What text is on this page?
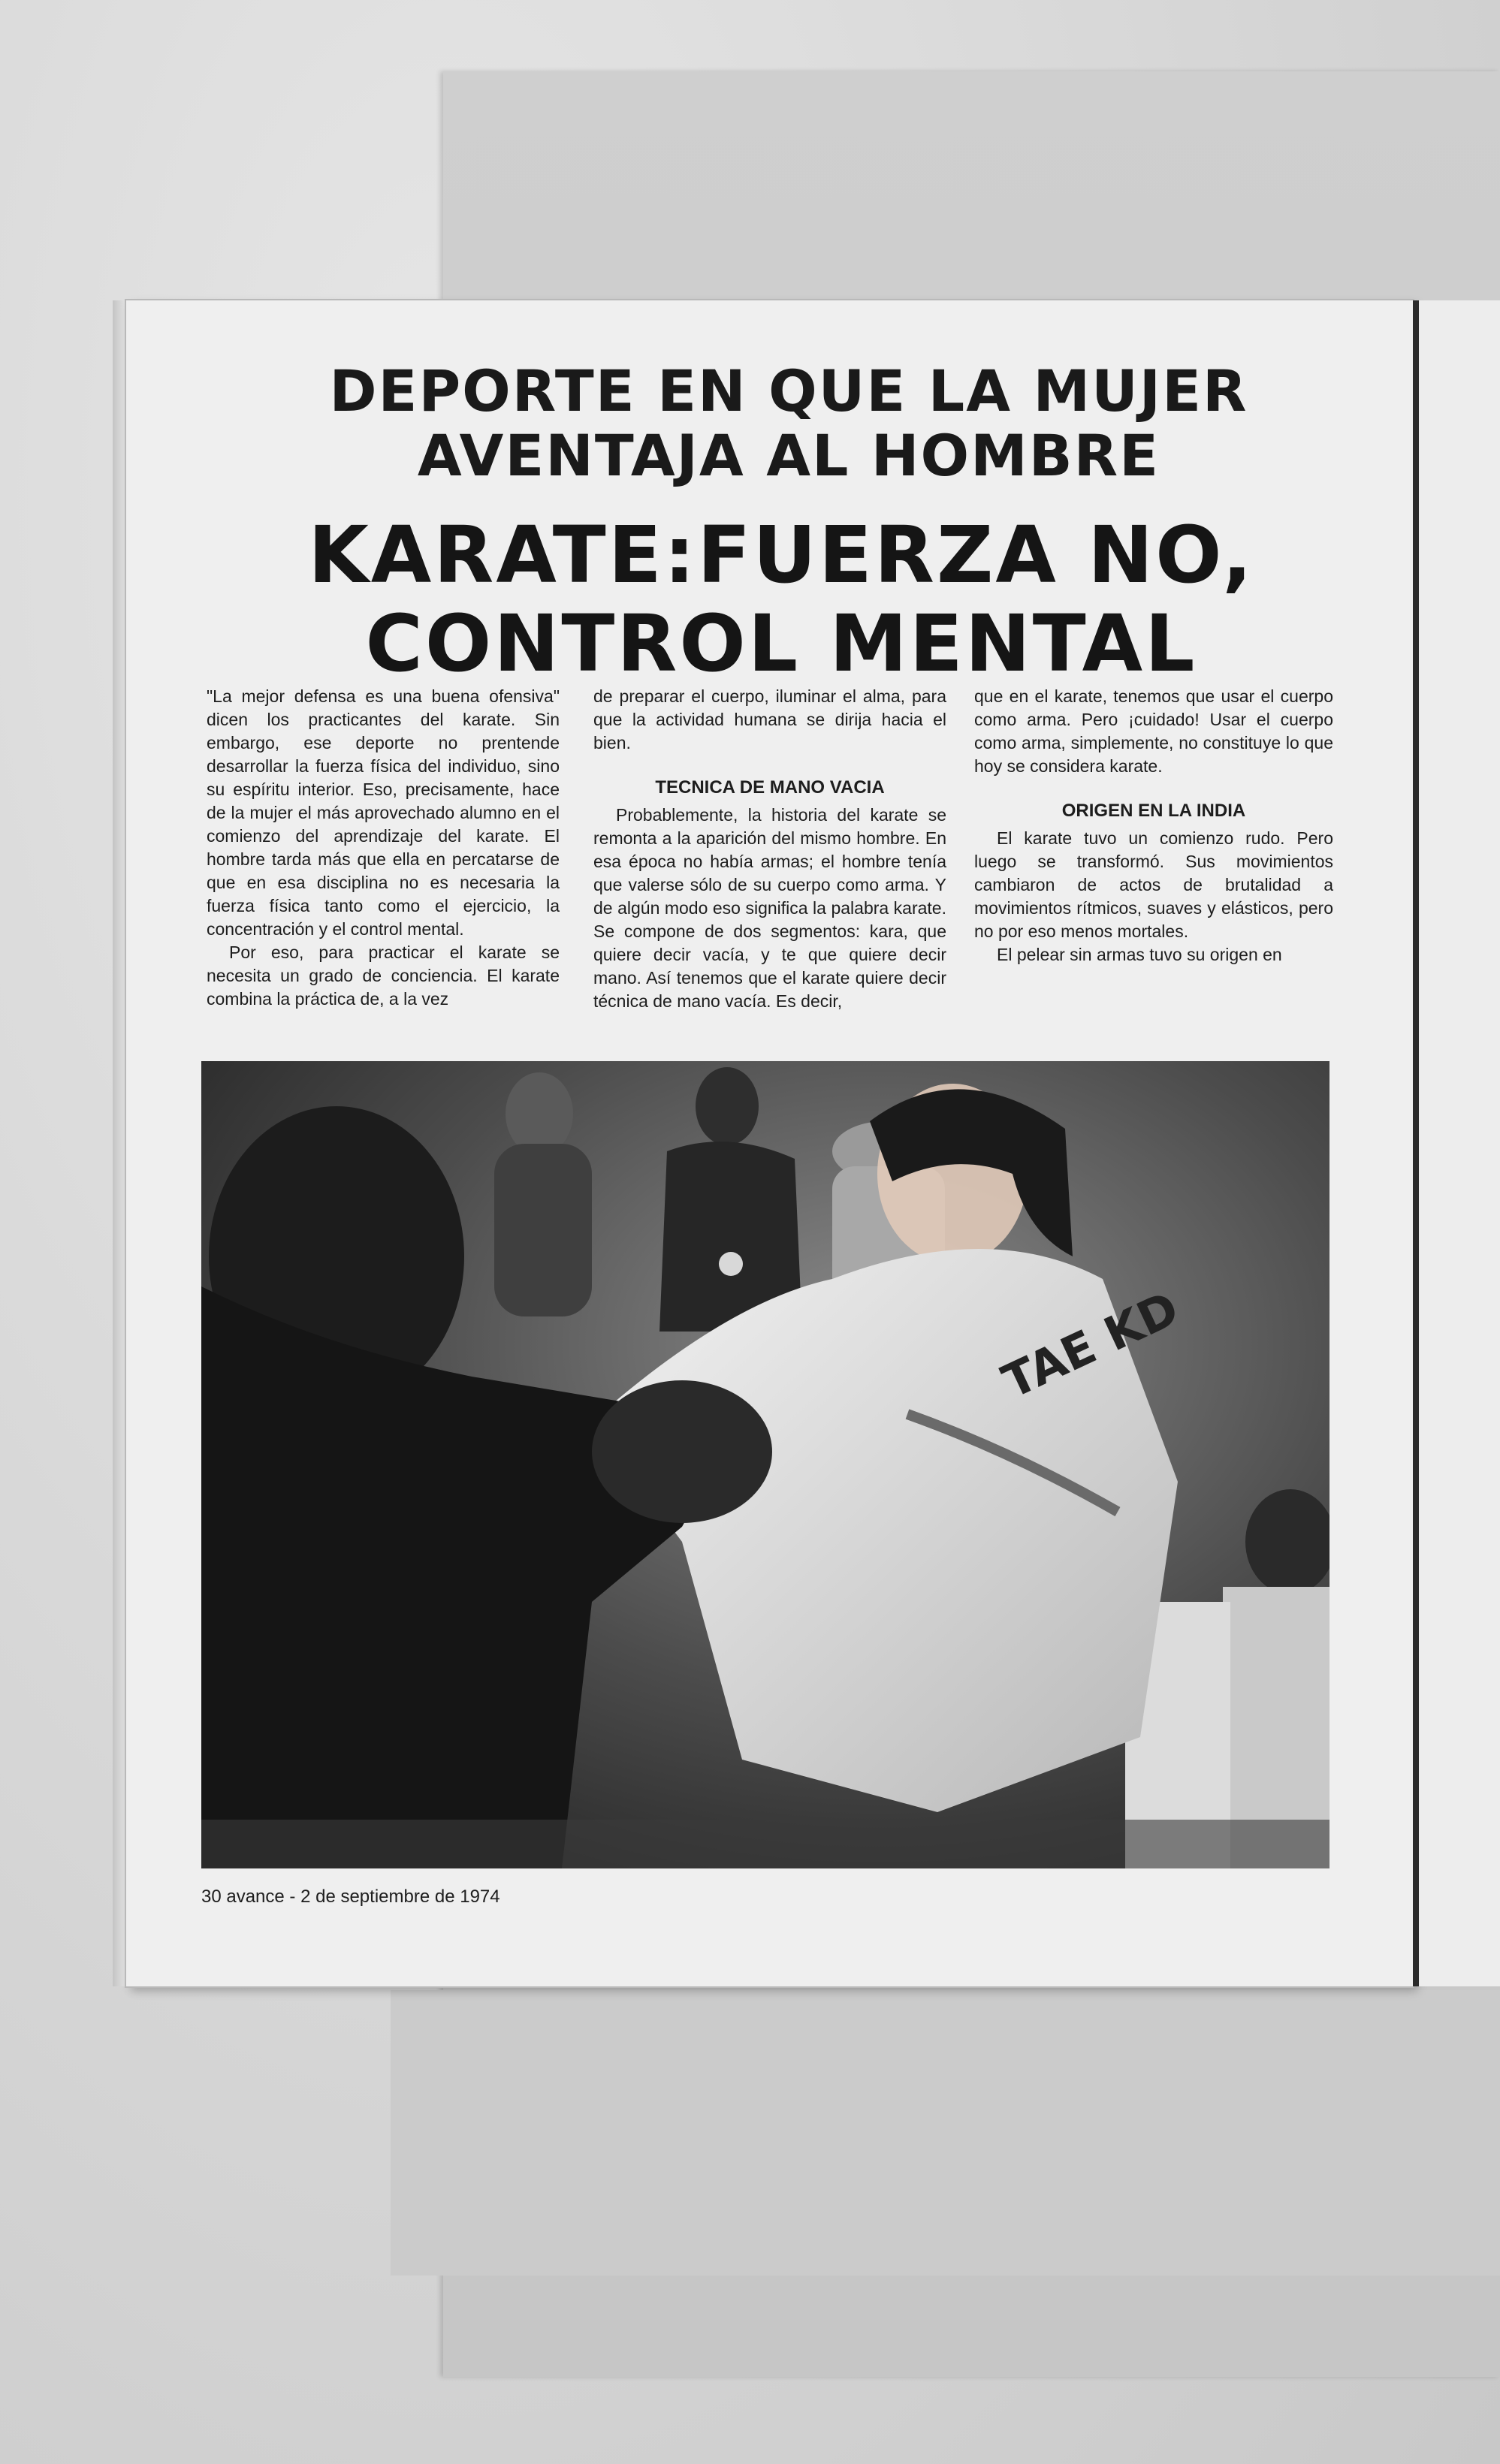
DEPORTE EN QUE LA MUJER
AVENTAJA AL HOMBRE
KARATE:FUERZA NO,
CONTROL MENTAL

"La mejor defensa es una buena ofensiva" dicen los practicantes del karate. Sin embargo, ese deporte no prentende desarrollar la fuerza física del individuo, sino su espíritu interior. Eso, precisamente, hace de la mujer el más aprovechado alumno en el comienzo del aprendizaje del karate. El hombre tarda más que ella en percatarse de que en esa disciplina no es necesaria la fuerza física tanto como el ejercicio, la concentración y el control mental.

Por eso, para practicar el karate se necesita un grado de conciencia. El karate combina la práctica de, a la vez

de preparar el cuerpo, iluminar el alma, para que la actividad humana se dirija hacia el bien.

TECNICA DE MANO VACIA

Probablemente, la historia del karate se remonta a la aparición del mismo hombre. En esa época no había armas; el hombre tenía que valerse sólo de su cuerpo como arma. Y de algún modo eso significa la palabra karate. Se compone de dos segmentos: kara, que quiere decir vacía, y te que quiere decir mano. Así tenemos que el karate quiere decir técnica de mano vacía. Es decir,

que en el karate, tenemos que usar el cuerpo como arma. Pero ¡cuidado! Usar el cuerpo como arma, simplemente, no constituye lo que hoy se considera karate.

ORIGEN EN LA INDIA

El karate tuvo un comienzo rudo. Pero luego se transformó. Sus movimientos cambiaron de actos de brutalidad a movimientos rítmicos, suaves y elásticos, pero no por eso menos mortales.

El pelear sin armas tuvo su origen en

TAE KD
30 avance - 2 de septiembre de 1974
